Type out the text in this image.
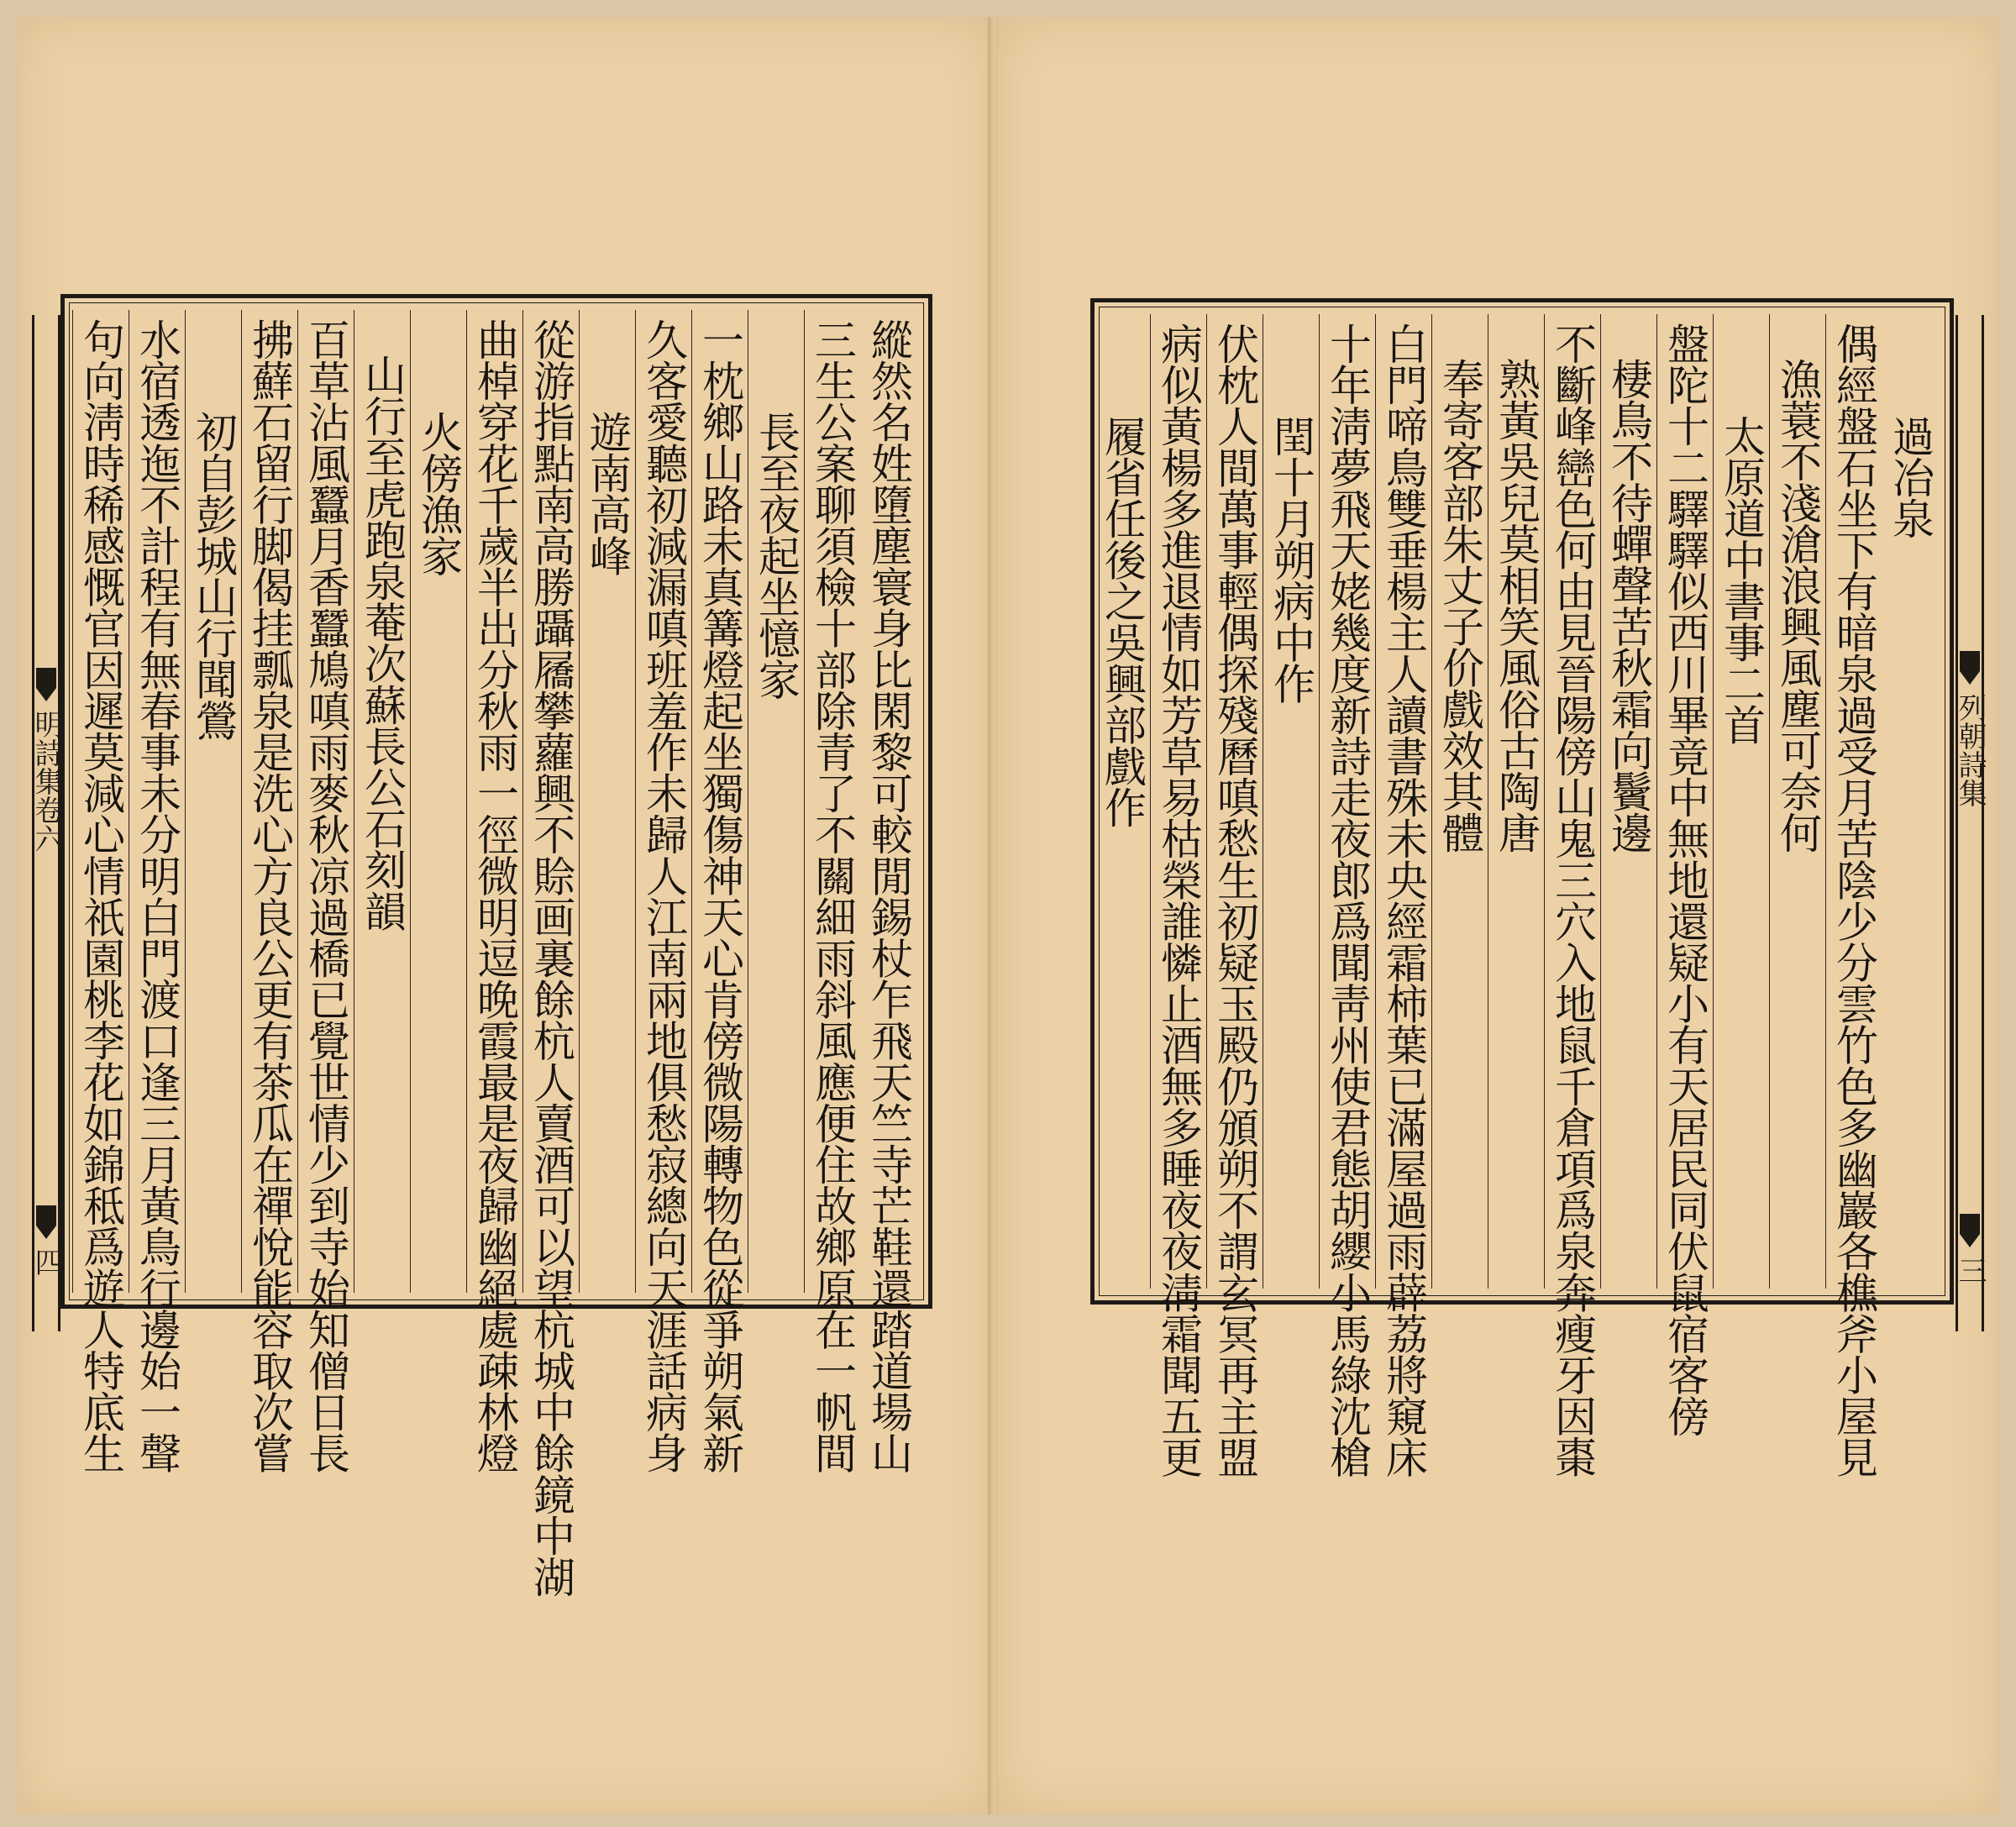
明詩集卷六
四	縱然名姓墮塵寰身比閑黎可較閒錫杖乍飛天竺寺芒鞋還踏道場山
三生公案聊須檢十部除青了不關細雨斜風應便住故鄉原在一帆間
長至夜起坐憶家
一枕鄉山路未真篝燈起坐獨傷神天心肯傍微陽轉物色從爭朔氣新
久客愛聽初減漏嗔班羞作未歸人江南兩地俱愁寂總向天涯話病身
遊南高峰
從游指點南高勝躡屩攀蘿興不賒画裏餘杭人賣酒可以望杭城中餘鏡中湖
曲棹穿花千歲半出分秋雨一徑微明逗晚霞最是夜歸幽絕處疎林燈
火傍漁家
山行至虎跑泉菴次蘇長公石刻韻
百草沾風蠶月香蠶鳩嗔雨麥秋凉過橋已覺世情少到寺始知僧日長
拂蘚石留行脚偈挂瓢泉是洗心方良公更有茶瓜在禪悅能容取次嘗
初自彭城山行聞鶯
水宿透迤不計程有無春事未分明白門渡口逢三月黃鳥行邊始一聲
句向淸時稀感慨官因遲莫減心情祇園桃李花如錦秪爲遊人特底生	過冶泉
偶經盤石坐下有暗泉過受月苦陰少分雲竹色多幽巖各樵斧小屋見
漁蓑不淺滄浪興風塵可奈何
太原道中書事二首
盤陀十二驛驛似西川畢竟中無地還疑小有天居民同伏鼠宿客傍
棲鳥不待蟬聲苦秋霜向鬢邊
不斷峰巒色何由見晉陽傍山鬼三穴入地鼠千倉項爲泉奔瘦牙因棗
熟黃吳兒莫相笑風俗古陶唐
奉寄客部朱丈子价戲效其體
白門啼鳥雙垂楊主人讀書殊未央經霜柿葉已滿屋過雨薜荔將窺床
十年淸夢飛天姥幾度新詩走夜郎爲聞靑州使君態胡纓小馬綠沈槍
閏十月朔病中作
伏枕人間萬事輕偶探殘曆嗔愁生初疑玉殿仍頒朔不謂玄冥再主盟
病似黃楊多進退情如芳草易枯榮誰憐止酒無多睡夜夜淸霜聞五更
履省任後之吳興部戲作	列朝詩集
三
